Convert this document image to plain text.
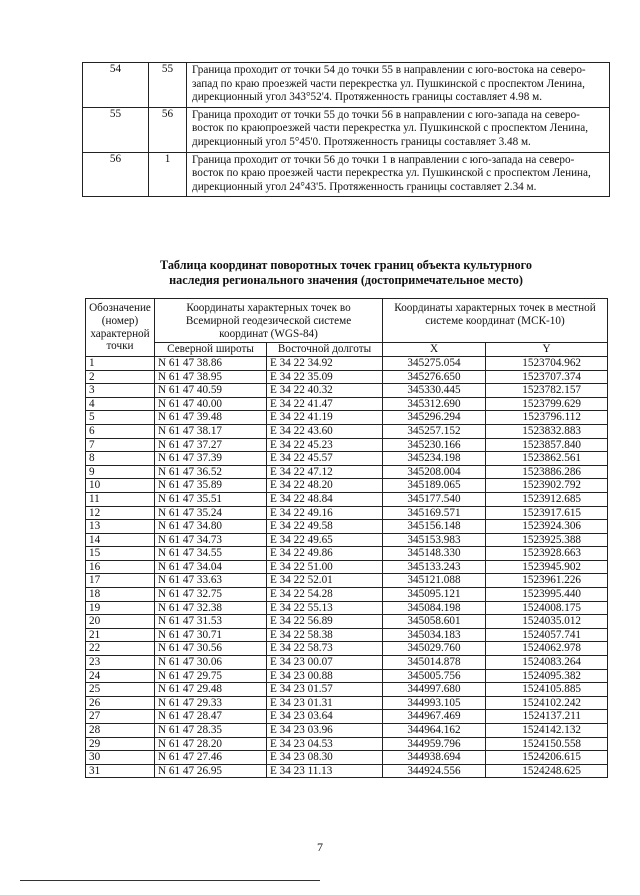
54	55	Граница проходит от точки 54 до точки 55 в направлении с юго-востока на северо-запад по краю проезжей части перекрестка ул. Пушкинской с проспектом Ленина, дирекционный угол 343°52'4. Протяженность границы составляет 4.98 м.
55	56	Граница проходит от точки 55 до точки 56 в направлении с юго-запада на северо-восток по краюпроезжей части перекрестка ул. Пушкинской с проспектом Ленина, дирекционный угол 5°45'0. Протяженность границы составляет 3.48 м.
56	1	Граница проходит от точки 56 до точки 1 в направлении с юго-запада на северо-восток по краю проезжей части перекрестка ул. Пушкинской с проспектом Ленина, дирекционный угол 24°43'5. Протяженность границы составляет 2.34 м.
Таблица координат поворотных точек границ объекта культурного
наследия регионального значения (достопримечательное место)
Обозначение (номер) характерной точки	Координаты характерных точек во Всемирной геодезической системе координат (WGS-84)		Координаты характерных точек в местной системе координат (МСК-10)	
	Северной широты	Восточной долготы	X	Y
1	N 61 47 38.86	E 34 22 34.92	345275.054	1523704.962
2	N 61 47 38.95	E 34 22 35.09	345276.650	1523707.374
3	N 61 47 40.59	E 34 22 40.32	345330.445	1523782.157
4	N 61 47 40.00	E 34 22 41.47	345312.690	1523799.629
5	N 61 47 39.48	E 34 22 41.19	345296.294	1523796.112
6	N 61 47 38.17	E 34 22 43.60	345257.152	1523832.883
7	N 61 47 37.27	E 34 22 45.23	345230.166	1523857.840
8	N 61 47 37.39	E 34 22 45.57	345234.198	1523862.561
9	N 61 47 36.52	E 34 22 47.12	345208.004	1523886.286
10	N 61 47 35.89	E 34 22 48.20	345189.065	1523902.792
11	N 61 47 35.51	E 34 22 48.84	345177.540	1523912.685
12	N 61 47 35.24	E 34 22 49.16	345169.571	1523917.615
13	N 61 47 34.80	E 34 22 49.58	345156.148	1523924.306
14	N 61 47 34.73	E 34 22 49.65	345153.983	1523925.388
15	N 61 47 34.55	E 34 22 49.86	345148.330	1523928.663
16	N 61 47 34.04	E 34 22 51.00	345133.243	1523945.902
17	N 61 47 33.63	E 34 22 52.01	345121.088	1523961.226
18	N 61 47 32.75	E 34 22 54.28	345095.121	1523995.440
19	N 61 47 32.38	E 34 22 55.13	345084.198	1524008.175
20	N 61 47 31.53	E 34 22 56.89	345058.601	1524035.012
21	N 61 47 30.71	E 34 22 58.38	345034.183	1524057.741
22	N 61 47 30.56	E 34 22 58.73	345029.760	1524062.978
23	N 61 47 30.06	E 34 23 00.07	345014.878	1524083.264
24	N 61 47 29.75	E 34 23 00.88	345005.756	1524095.382
25	N 61 47 29.48	E 34 23 01.57	344997.680	1524105.885
26	N 61 47 29.33	E 34 23 01.31	344993.105	1524102.242
27	N 61 47 28.47	E 34 23 03.64	344967.469	1524137.211
28	N 61 47 28.35	E 34 23 03.96	344964.162	1524142.132
29	N 61 47 28.20	E 34 23 04.53	344959.796	1524150.558
30	N 61 47 27.46	E 34 23 08.30	344938.694	1524206.615
31	N 61 47 26.95	E 34 23 11.13	344924.556	1524248.625
7
